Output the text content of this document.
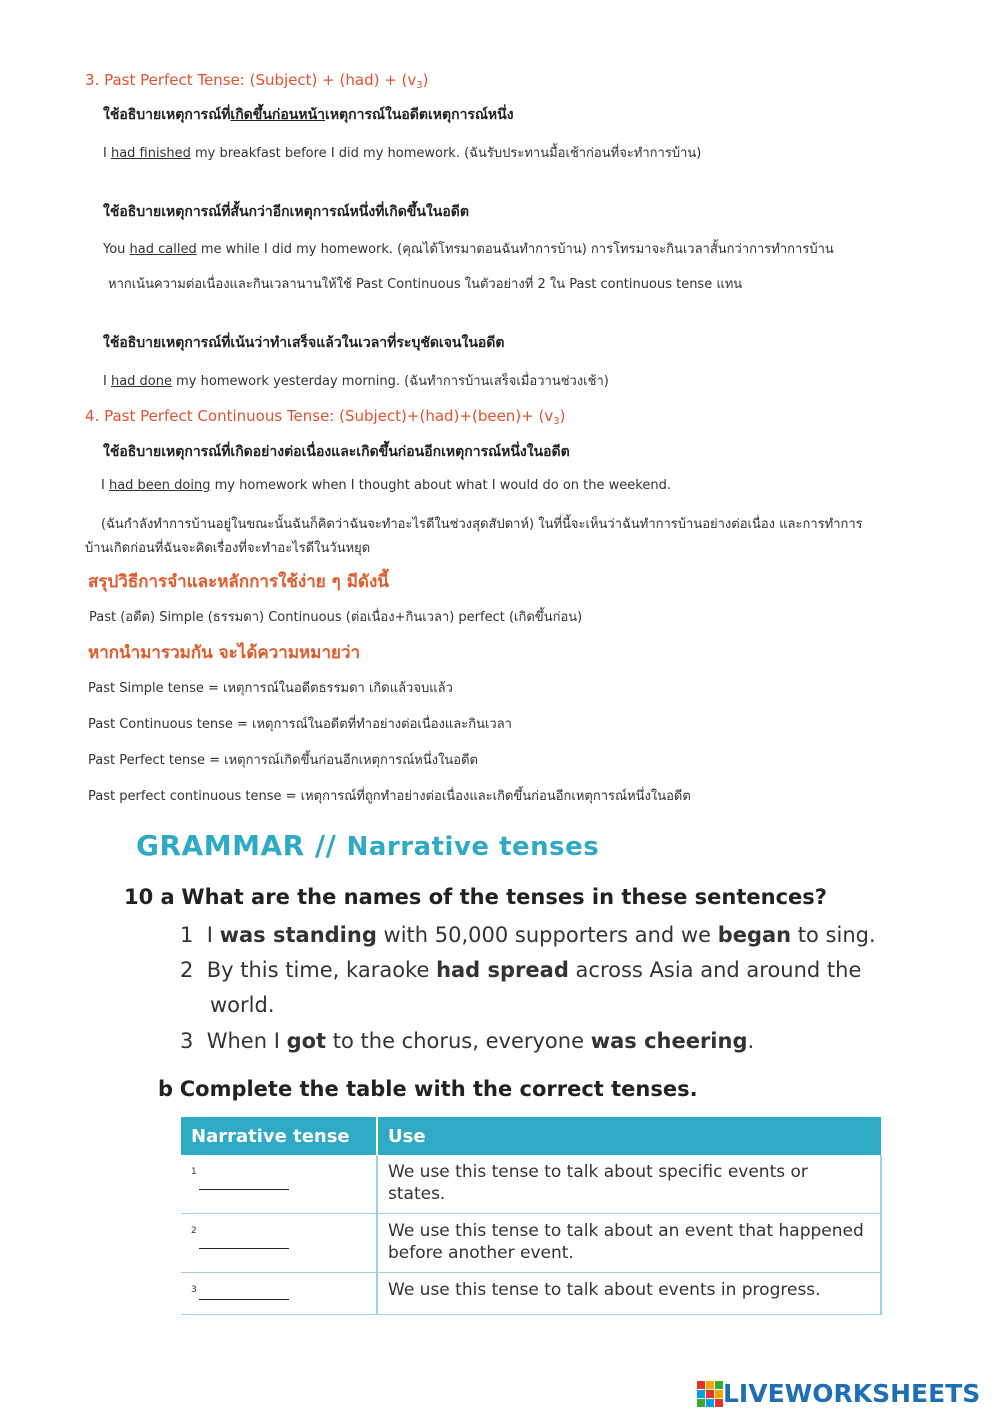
3. Past Perfect Tense: (Subject) + $(had) + (v_3)$
ใช้อธิบายเหตุการณ์ที่เกิดขึ้นก่อนหน้าเหตุการณ์ในอดีตเหตุการณ์หนึ่ง
I had finished my breakfast before I did my homework. (ฉันรับประทานมื้อเช้าก่อนที่จะทำการบ้าน)
ใช้อธิบายเหตุการณ์ที่สั้นกว่าอีกเหตุการณ์หนึ่งที่เกิดขึ้นในอดีต
You had called me while I did my homework. (คุณได้โทรมาตอนฉันทำการบ้าน) การโทรมาจะกินเวลาสั้นกว่าการทำการบ้าน
หากเน้นความต่อเนื่องและกินเวลานานให้ใช้ Past Continuous ในตัวอย่างที่ 2 ใน Past continuous tense แทน
ใช้อธิบายเหตุการณ์ที่เน้นว่าทำเสร็จแล้วในเวลาที่ระบุชัดเจนในอดีต
I had done my homework yesterday morning. (ฉันทำการบ้านเสร็จเมื่อวานช่วงเช้า)
4. Past Perfect Continuous Tense: (Subject)+(had)+(been)+ $(v_3)$
ใช้อธิบายเหตุการณ์ที่เกิดอย่างต่อเนื่องและเกิดขึ้นก่อนอีกเหตุการณ์หนึ่งในอดีต
I had been doing my homework when I thought about what I would do on the weekend.
(ฉันกำลังทำการบ้านอยู่ในขณะนั้นฉันก็คิดว่าฉันจะทำอะไรดีในช่วงสุดสัปดาห์) ในที่นี้จะเห็นว่าฉันทำการบ้านอย่างต่อเนื่อง และการทำการ
บ้านเกิดก่อนที่ฉันจะคิดเรื่องที่จะทำอะไรดีในวันหยุด
สรุปวิธีการจำและหลักการใช้ง่าย ๆ มีดังนี้
Past (อดีต) Simple (ธรรมดา) Continuous (ต่อเนื่อง+กินเวลา) perfect (เกิดขึ้นก่อน)
หากนำมารวมกัน จะได้ความหมายว่า
Past Simple tense = เหตุการณ์ในอดีตธรรมดา เกิดแล้วจบแล้ว
Past Continuous tense = เหตุการณ์ในอดีตที่ทำอย่างต่อเนื่องและกินเวลา
Past Perfect tense = เหตุการณ์เกิดขึ้นก่อนอีกเหตุการณ์หนึ่งในอดีต
Past perfect continuous tense = เหตุการณ์ที่ถูกทำอย่างต่อเนื่องและเกิดขึ้นก่อนอีกเหตุการณ์หนึ่งในอดีต
GRAMMAR // Narrative tenses
10 a What are the names of the tenses in these sentences?
1 I was standing with 50,000 supporters and we began to sing.
2 By this time, karaoke had spread across Asia and around the
world.
3 When I got to the chorus, everyone was cheering.
b Complete the table with the correct tenses.
Narrative tense	Use
$^1$	We use this tense to talk about specific events or states.
$^2$	We use this tense to talk about an event that happened before another event.
$^3$	We use this tense to talk about events in progress.
LIVEWORKSHEETS
